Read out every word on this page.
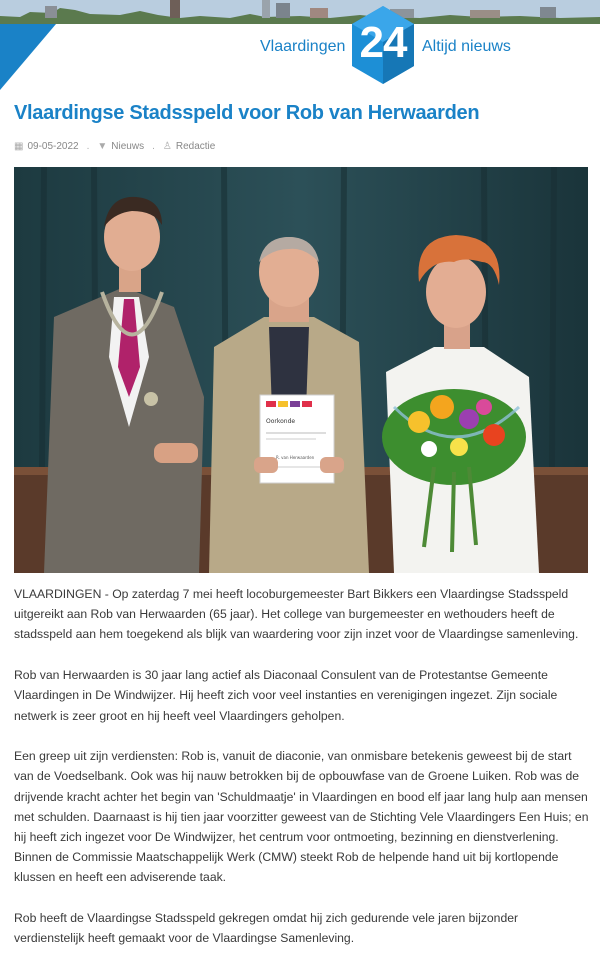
Vlaardingen 24 Altijd nieuws
Vlaardingse Stadsspeld voor Rob van Herwaarden
▦ 09-05-2022 . ▼ Nieuws . ♙ Redactie
Oorkonde
R. van Herwaarden

VLAARDINGEN - Op zaterdag 7 mei heeft locoburgemeester Bart Bikkers een Vlaardingse Stadsspeld uitgereikt aan Rob van Herwaarden (65 jaar). Het college van burgemeester en wethouders heeft de stadsspeld aan hem toegekend als blijk van waardering voor zijn inzet voor de Vlaardingse samenleving.

Rob van Herwaarden is 30 jaar lang actief als Diaconaal Consulent van de Protestantse Gemeente Vlaardingen in De Windwijzer. Hij heeft zich voor veel instanties en verenigingen ingezet. Zijn sociale netwerk is zeer groot en hij heeft veel Vlaardingers geholpen.

Een greep uit zijn verdiensten: Rob is, vanuit de diaconie, van onmisbare betekenis geweest bij de start van de Voedselbank. Ook was hij nauw betrokken bij de opbouwfase van de Groene Luiken. Rob was de drijvende kracht achter het begin van 'Schuldmaatje' in Vlaardingen en bood elf jaar lang hulp aan mensen met schulden. Daarnaast is hij tien jaar voorzitter geweest van de Stichting Vele Vlaardingers Een Huis; en hij heeft zich ingezet voor De Windwijzer, het centrum voor ontmoeting, bezinning en dienstverlening. Binnen de Commissie Maatschappelijk Werk (CMW) steekt Rob de helpende hand uit bij kortlopende klussen en heeft een adviserende taak.

Rob heeft de Vlaardingse Stadsspeld gekregen omdat hij zich gedurende vele jaren bijzonder verdienstelijk heeft gemaakt voor de Vlaardingse Samenleving.
